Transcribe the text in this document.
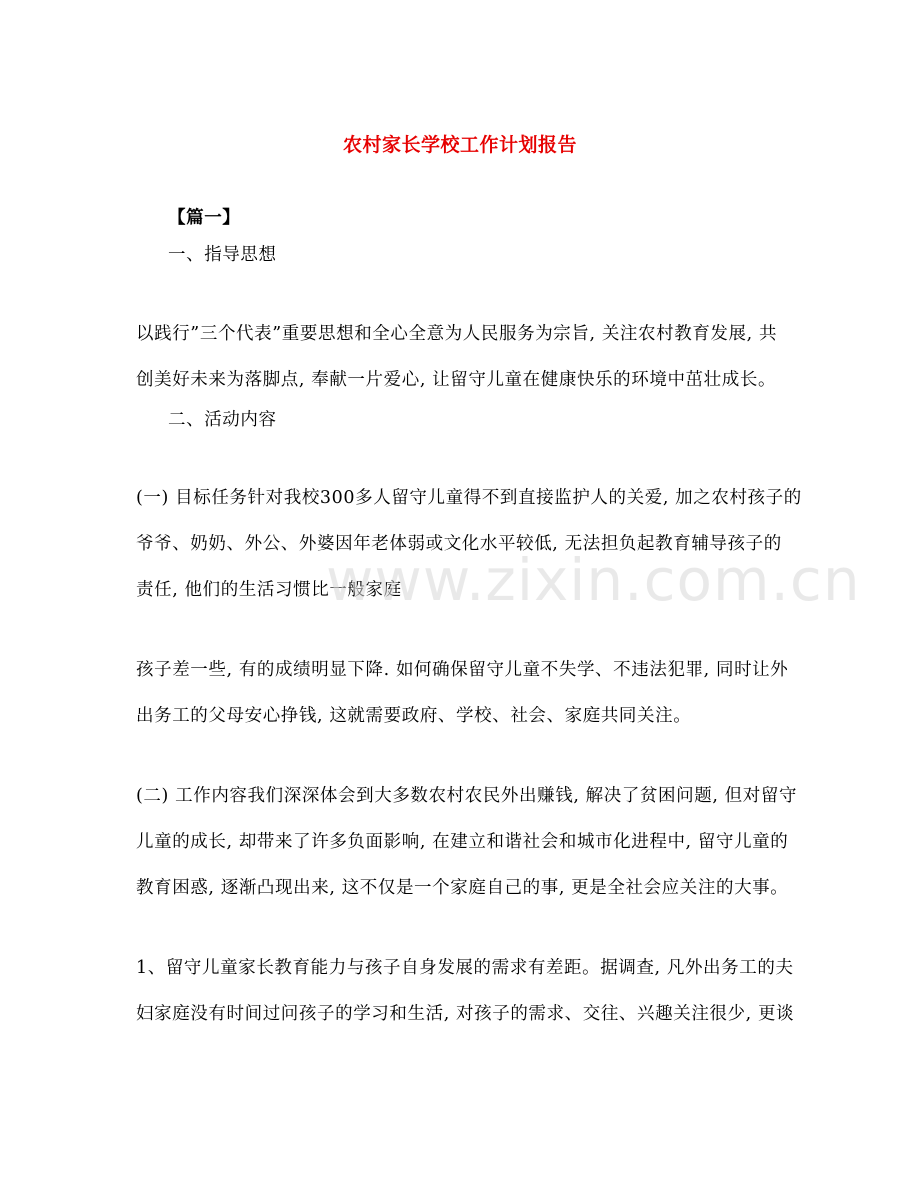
农村家长学校工作计划报告
【篇一】
一、指导思想
以践行”三个代表”重要思想和全心全意为人民服务为宗旨, 关注农村教育发展, 共
创美好未来为落脚点, 奉献一片爱心, 让留守儿童在健康快乐的环境中茁壮成长。
二、活动内容
(一) 目标任务针对我校300多人留守儿童得不到直接监护人的关爱, 加之农村孩子的
爷爷、奶奶、外公、外婆因年老体弱或文化水平较低, 无法担负起教育辅导孩子的
责任, 他们的生活习惯比一般家庭
孩子差一些, 有的成绩明显下降. 如何确保留守儿童不失学、不违法犯罪, 同时让外
出务工的父母安心挣钱, 这就需要政府、学校、社会、家庭共同关注。
(二) 工作内容我们深深体会到大多数农村农民外出赚钱, 解决了贫困问题, 但对留守
儿童的成长, 却带来了许多负面影响, 在建立和谐社会和城市化进程中, 留守儿童的
教育困惑, 逐渐凸现出来, 这不仅是一个家庭自己的事, 更是全社会应关注的大事。
1、留守儿童家长教育能力与孩子自身发展的需求有差距。据调查, 凡外出务工的夫
妇家庭没有时间过问孩子的学习和生活, 对孩子的需求、交往、兴趣关注很少, 更谈
www.zixin.com.cn
